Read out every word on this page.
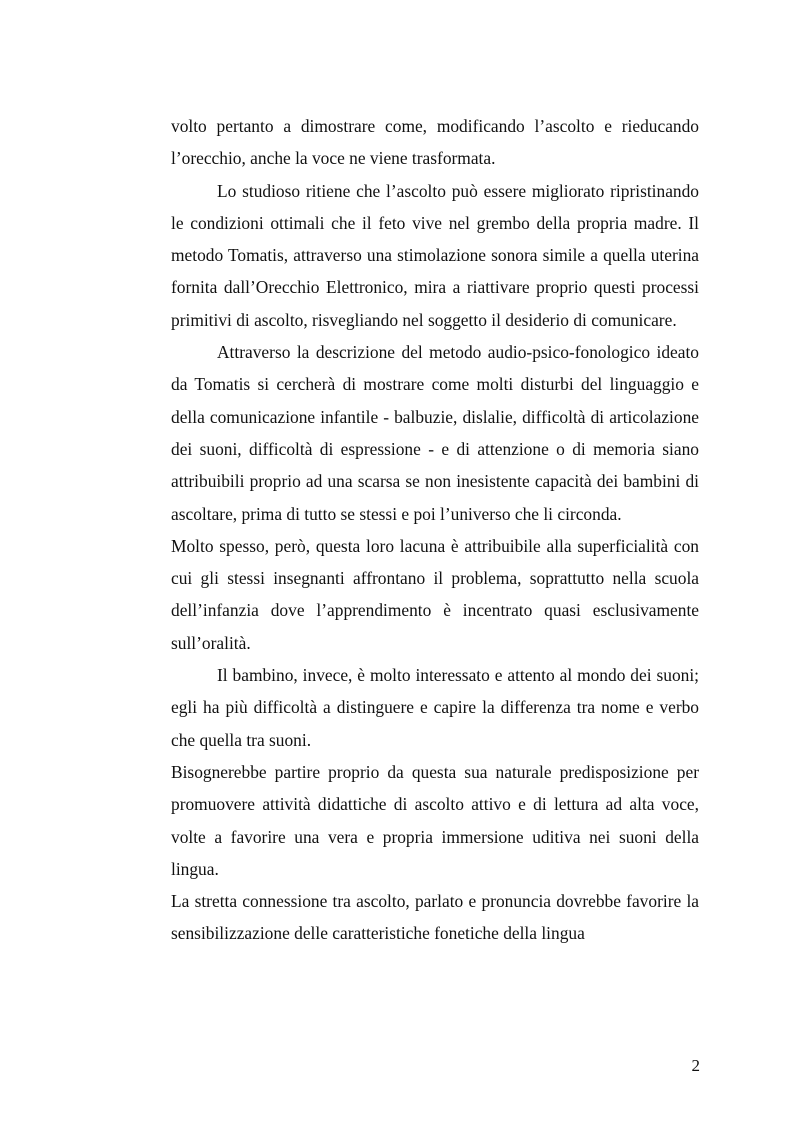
volto pertanto a dimostrare come, modificando l’ascolto e rieducando l’orecchio, anche la voce ne viene trasformata.

Lo studioso ritiene che l’ascolto può essere migliorato ripristinando le condizioni ottimali che il feto vive nel grembo della propria madre. Il metodo Tomatis, attraverso una stimolazione sonora simile a quella uterina fornita dall’Orecchio Elettronico, mira a riattivare proprio questi processi primitivi di ascolto, risvegliando nel soggetto il desiderio di comunicare.

Attraverso la descrizione del metodo audio-psico-fonologico ideato da Tomatis si cercherà di mostrare come molti disturbi del linguaggio e della comunicazione infantile - balbuzie, dislalie, difficoltà di articolazione dei suoni, difficoltà di espressione - e di attenzione o di memoria siano attribuibili proprio ad una scarsa se non inesistente capacità dei bambini di ascoltare, prima di tutto se stessi e poi l’universo che li circonda.

Molto spesso, però, questa loro lacuna è attribuibile alla superficialità con cui gli stessi insegnanti affrontano il problema, soprattutto nella scuola dell’infanzia dove l’apprendimento è incentrato quasi esclusivamente sull’oralità.

Il bambino, invece, è molto interessato e attento al mondo dei suoni; egli ha più difficoltà a distinguere e capire la differenza tra nome e verbo che quella tra suoni.

Bisognerebbe partire proprio da questa sua naturale predisposizione per promuovere attività didattiche di ascolto attivo e di lettura ad alta voce, volte a favorire una vera e propria immersione uditiva nei suoni della lingua.

La stretta connessione tra ascolto, parlato e pronuncia dovrebbe favorire la sensibilizzazione delle caratteristiche fonetiche della lingua

2
